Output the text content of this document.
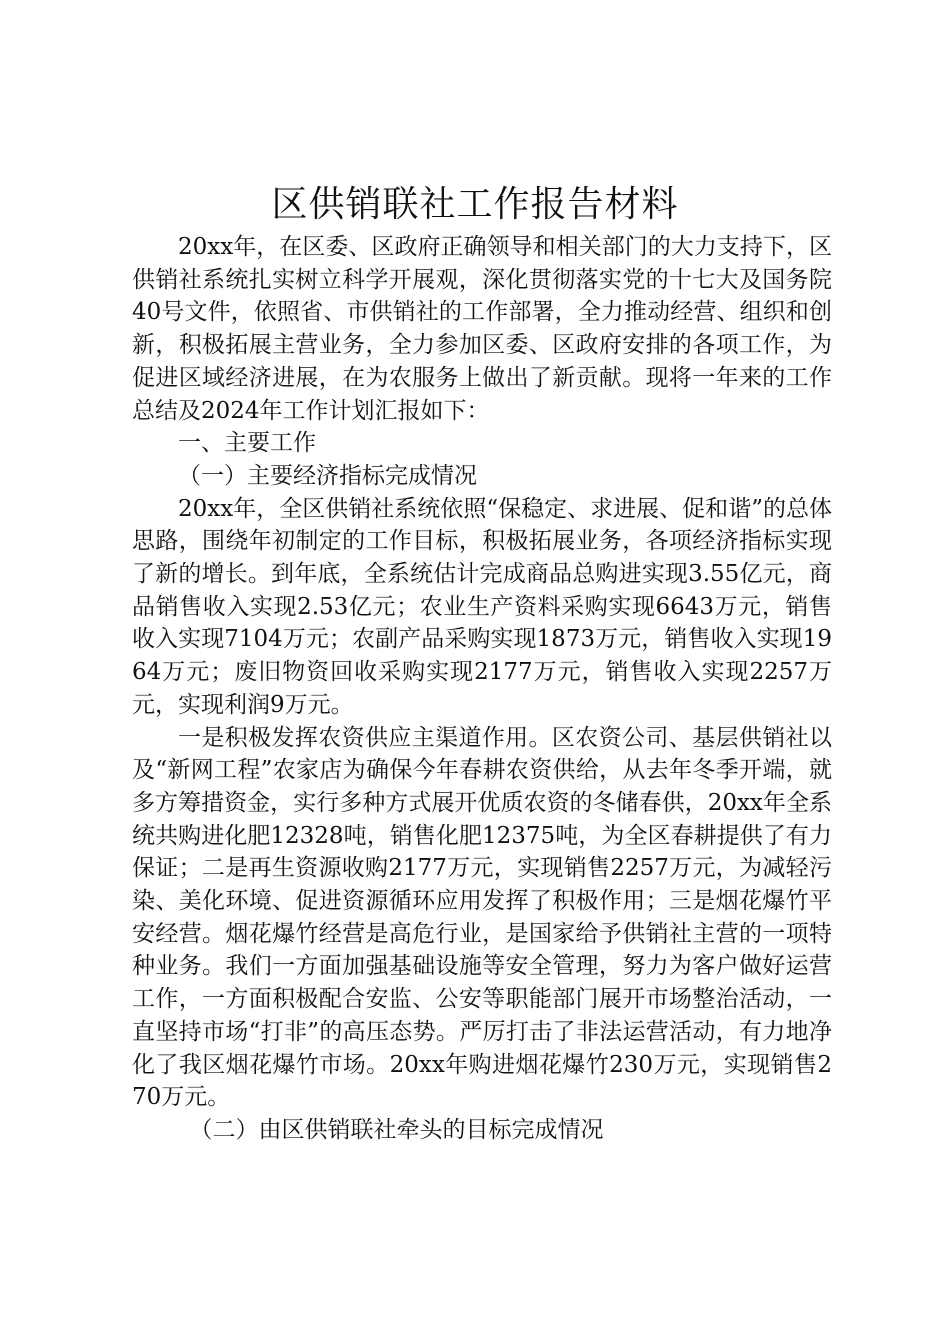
区供销联社工作报告材料

20xx年，在区委、区政府正确领导和相关部门的大力支持下，区供销社系统扎实树立科学开展观，深化贯彻落实党的十七大及国务院40号文件，依照省、市供销社的工作部署，全力推动经营、组织和创新，积极拓展主营业务，全力参加区委、区政府安排的各项工作，为促进区域经济进展，在为农服务上做出了新贡献。现将一年来的工作总结及2024年工作计划汇报如下：

一、主要工作

（一）主要经济指标完成情况

20xx年，全区供销社系统依照“保稳定、求进展、促和谐”的总体思路，围绕年初制定的工作目标，积极拓展业务，各项经济指标实现了新的增长。到年底，全系统估计完成商品总购进实现3.55亿元，商品销售收入实现2.53亿元；农业生产资料采购实现6643万元，销售收入实现7104万元；农副产品采购实现1873万元，销售收入实现1964万元；废旧物资回收采购实现2177万元，销售收入实现2257万元，实现利润9万元。

一是积极发挥农资供应主渠道作用。区农资公司、基层供销社以及“新网工程”农家店为确保今年春耕农资供给，从去年冬季开端，就多方筹措资金，实行多种方式展开优质农资的冬储春供，20xx年全系统共购进化肥12328吨，销售化肥12375吨，为全区春耕提供了有力保证；二是再生资源收购2177万元，实现销售2257万元，为减轻污染、美化环境、促进资源循环应用发挥了积极作用；三是烟花爆竹平安经营。烟花爆竹经营是高危行业，是国家给予供销社主营的一项特种业务。我们一方面加强基础设施等安全管理，努力为客户做好运营工作，一方面积极配合安监、公安等职能部门展开市场整治活动，一直坚持市场“打非”的高压态势。严厉打击了非法运营活动，有力地净化了我区烟花爆竹市场。20xx年购进烟花爆竹230万元，实现销售270万元。

（二）由区供销联社牵头的目标完成情况
